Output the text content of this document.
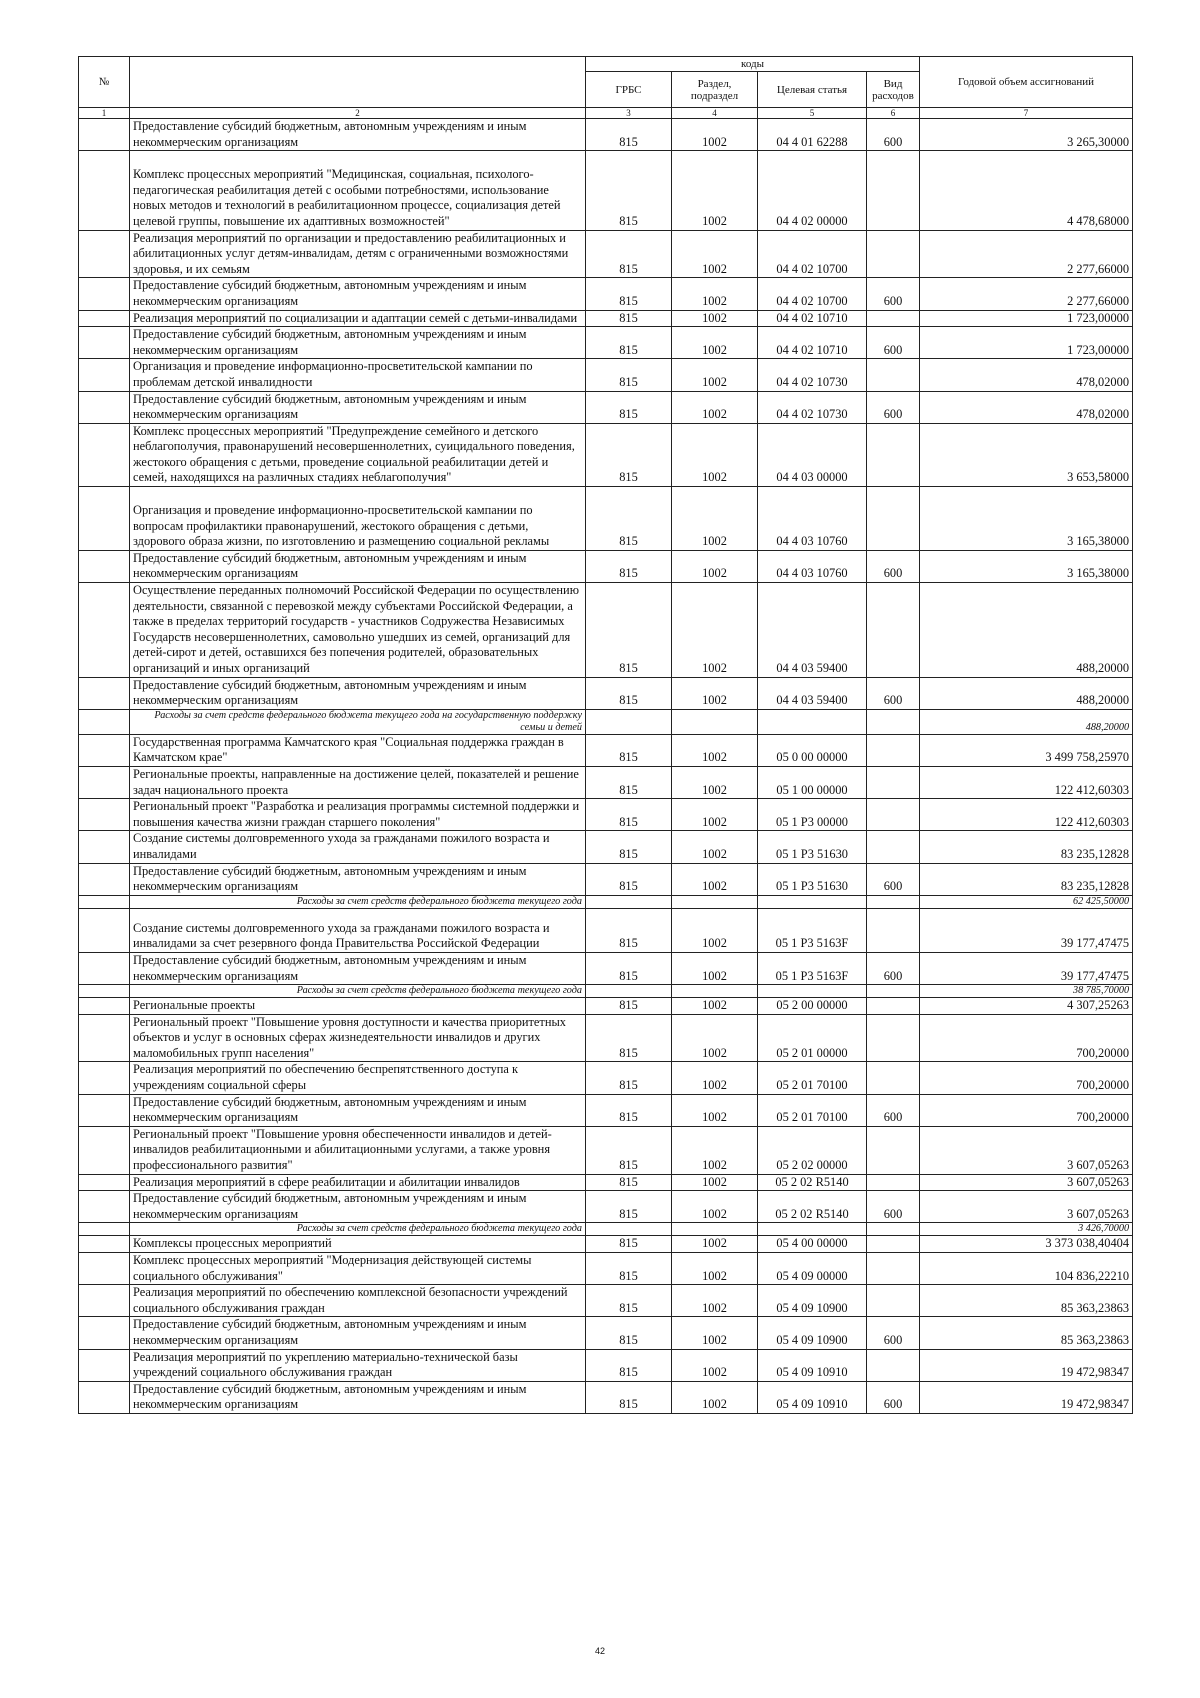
№		коды				Годовой объем ассигнований
		ГРБС	Раздел, подраздел	Целевая статья	Вид расходов	
1	2	3	4	5	6	7
	Предоставление субсидий бюджетным, автономным учреждениям и иным некоммерческим организациям	815	1002	04 4 01 62288	600	3 265,30000
	Комплекс процессных мероприятий "Медицинская, социальная, психолого-педагогическая реабилитация детей с особыми потребностями, использование новых методов и технологий в реабилитационном процессе, социализация детей целевой группы, повышение их адаптивных возможностей"	815	1002	04 4 02 00000		4 478,68000
	Реализация мероприятий по организации и предоставлению реабилитационных и абилитационных услуг детям-инвалидам, детям с ограниченными возможностями здоровья, и их семьям	815	1002	04 4 02 10700		2 277,66000
	Предоставление субсидий бюджетным, автономным учреждениям и иным некоммерческим организациям	815	1002	04 4 02 10700	600	2 277,66000
	Реализация мероприятий по социализации и адаптации семей с детьми-инвалидами	815	1002	04 4 02 10710		1 723,00000
	Предоставление субсидий бюджетным, автономным учреждениям и иным некоммерческим организациям	815	1002	04 4 02 10710	600	1 723,00000
	Организация и проведение информационно-просветительской кампании по проблемам детской инвалидности	815	1002	04 4 02 10730		478,02000
	Предоставление субсидий бюджетным, автономным учреждениям и иным некоммерческим организациям	815	1002	04 4 02 10730	600	478,02000
	Комплекс процессных мероприятий "Предупреждение семейного и детского неблагополучия, правонарушений несовершеннолетних, суицидального поведения, жестокого обращения с детьми, проведение социальной реабилитации детей и семей, находящихся на различных стадиях неблагополучия"	815	1002	04 4 03 00000		3 653,58000
	Организация и проведение информационно-просветительской кампании по вопросам профилактики правонарушений, жестокого обращения с детьми, здорового образа жизни, по изготовлению и размещению социальной рекламы	815	1002	04 4 03 10760		3 165,38000
	Предоставление субсидий бюджетным, автономным учреждениям и иным некоммерческим организациям	815	1002	04 4 03 10760	600	3 165,38000
	Осуществление переданных полномочий Российской Федерации по осуществлению деятельности, связанной с перевозкой между субъектами Российской Федерации, а также в пределах территорий государств - участников Содружества Независимых Государств несовершеннолетних, самовольно ушедших из семей, организаций для детей-сирот и детей, оставшихся без попечения родителей, образовательных организаций и иных организаций	815	1002	04 4 03 59400		488,20000
	Предоставление субсидий бюджетным, автономным учреждениям и иным некоммерческим организациям	815	1002	04 4 03 59400	600	488,20000
	Расходы за счет средств федерального бюджета текущего года на государственную поддержку семьи и детей					488,20000
	Государственная программа Камчатского края "Социальная поддержка граждан в Камчатском крае"	815	1002	05 0 00 00000		3 499 758,25970
	Региональные проекты, направленные на достижение целей, показателей и решение задач национального проекта	815	1002	05 1 00 00000		122 412,60303
	Региональный проект "Разработка и реализация программы системной поддержки и повышения качества жизни граждан старшего поколения"	815	1002	05 1 P3 00000		122 412,60303
	Создание системы долговременного ухода за гражданами пожилого возраста и инвалидами	815	1002	05 1 P3 51630		83 235,12828
	Предоставление субсидий бюджетным, автономным учреждениям и иным некоммерческим организациям	815	1002	05 1 P3 51630	600	83 235,12828
	Расходы за счет средств федерального бюджета текущего года					62 425,50000
	Создание системы долговременного ухода за гражданами пожилого возраста и инвалидами за счет резервного фонда Правительства Российской Федерации	815	1002	05 1 P3 5163F		39 177,47475
	Предоставление субсидий бюджетным, автономным учреждениям и иным некоммерческим организациям	815	1002	05 1 P3 5163F	600	39 177,47475
	Расходы за счет средств федерального бюджета текущего года					38 785,70000
	Региональные проекты	815	1002	05 2 00 00000		4 307,25263
	Региональный проект "Повышение уровня доступности и качества приоритетных объектов и услуг в основных сферах жизнедеятельности инвалидов и других маломобильных групп населения"	815	1002	05 2 01 00000		700,20000
	Реализация мероприятий по обеспечению беспрепятственного доступа к учреждениям социальной сферы	815	1002	05 2 01 70100		700,20000
	Предоставление субсидий бюджетным, автономным учреждениям и иным некоммерческим организациям	815	1002	05 2 01 70100	600	700,20000
	Региональный проект "Повышение уровня обеспеченности инвалидов и детей-инвалидов реабилитационными и абилитационными услугами, а также уровня профессионального развития"	815	1002	05 2 02 00000		3 607,05263
	Реализация мероприятий в сфере реабилитации и абилитации инвалидов	815	1002	05 2 02 R5140		3 607,05263
	Предоставление субсидий бюджетным, автономным учреждениям и иным некоммерческим организациям	815	1002	05 2 02 R5140	600	3 607,05263
	Расходы за счет средств федерального бюджета текущего года					3 426,70000
	Комплексы процессных мероприятий	815	1002	05 4 00 00000		3 373 038,40404
	Комплекс процессных мероприятий "Модернизация действующей системы социального обслуживания"	815	1002	05 4 09 00000		104 836,22210
	Реализация мероприятий по обеспечению комплексной безопасности учреждений социального обслуживания граждан	815	1002	05 4 09 10900		85 363,23863
	Предоставление субсидий бюджетным, автономным учреждениям и иным некоммерческим организациям	815	1002	05 4 09 10900	600	85 363,23863
	Реализация мероприятий по укреплению материально-технической базы учреждений социального обслуживания граждан	815	1002	05 4 09 10910		19 472,98347
	Предоставление субсидий бюджетным, автономным учреждениям и иным некоммерческим организациям	815	1002	05 4 09 10910	600	19 472,98347
42
